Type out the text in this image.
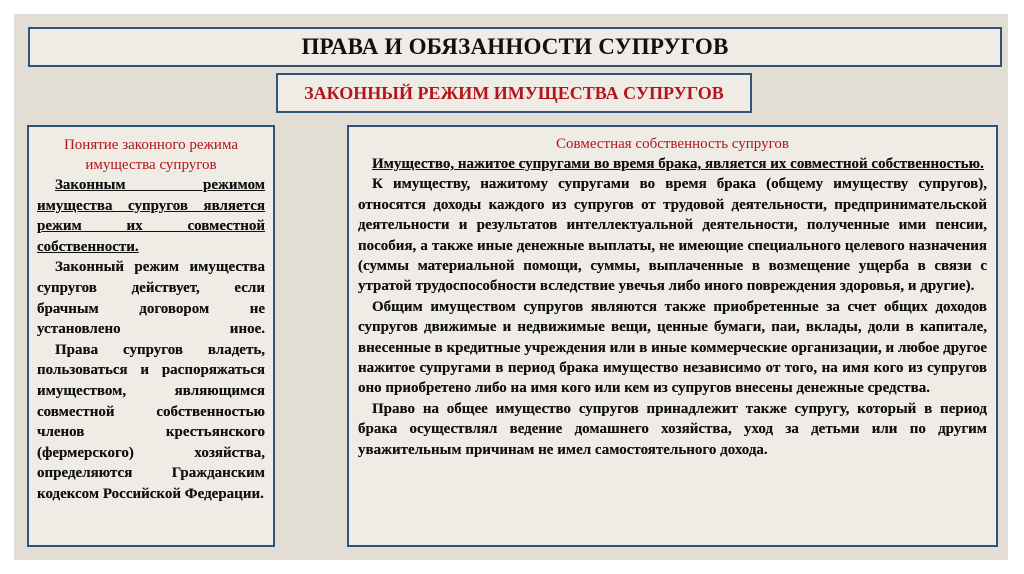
ПРАВА И ОБЯЗАННОСТИ СУПРУГОВ
ЗАКОННЫЙ РЕЖИМ ИМУЩЕСТВА СУПРУГОВ

Понятие законного режима имущества супругов

Законным режимом имущества супругов является режим их совместной собственности.

Законный режим имущества супругов действует, если брачным договором не установлено иное.

Права супругов владеть, пользоваться и распоряжаться имуществом, являющимся совместной собственностью членов крестьянского (фермерского) хозяйства, определяются Гражданским кодексом Российской Федерации.

Совместная собственность супругов

Имущество, нажитое супругами во время брака, является их совместной собственностью.

К имуществу, нажитому супругами во время брака (общему имуществу супругов), относятся доходы каждого из супругов от трудовой деятельности, предпринимательской деятельности и результатов интеллектуальной деятельности, полученные ими пенсии, пособия, а также иные денежные выплаты, не имеющие специального целевого назначения (суммы материальной помощи, суммы, выплаченные в возмещение ущерба в связи с утратой трудоспособности вследствие увечья либо иного повреждения здоровья, и другие).

Общим имуществом супругов являются также приобретенные за счет общих доходов супругов движимые и недвижимые вещи, ценные бумаги, паи, вклады, доли в капитале, внесенные в кредитные учреждения или в иные коммерческие организации, и любое другое нажитое супругами в период брака имущество независимо от того, на имя кого из супругов оно приобретено либо на имя кого или кем из супругов внесены денежные средства.

Право на общее имущество супругов принадлежит также супругу, который в период брака осуществлял ведение домашнего хозяйства, уход за детьми или по другим уважительным причинам не имел самостоятельного дохода.
